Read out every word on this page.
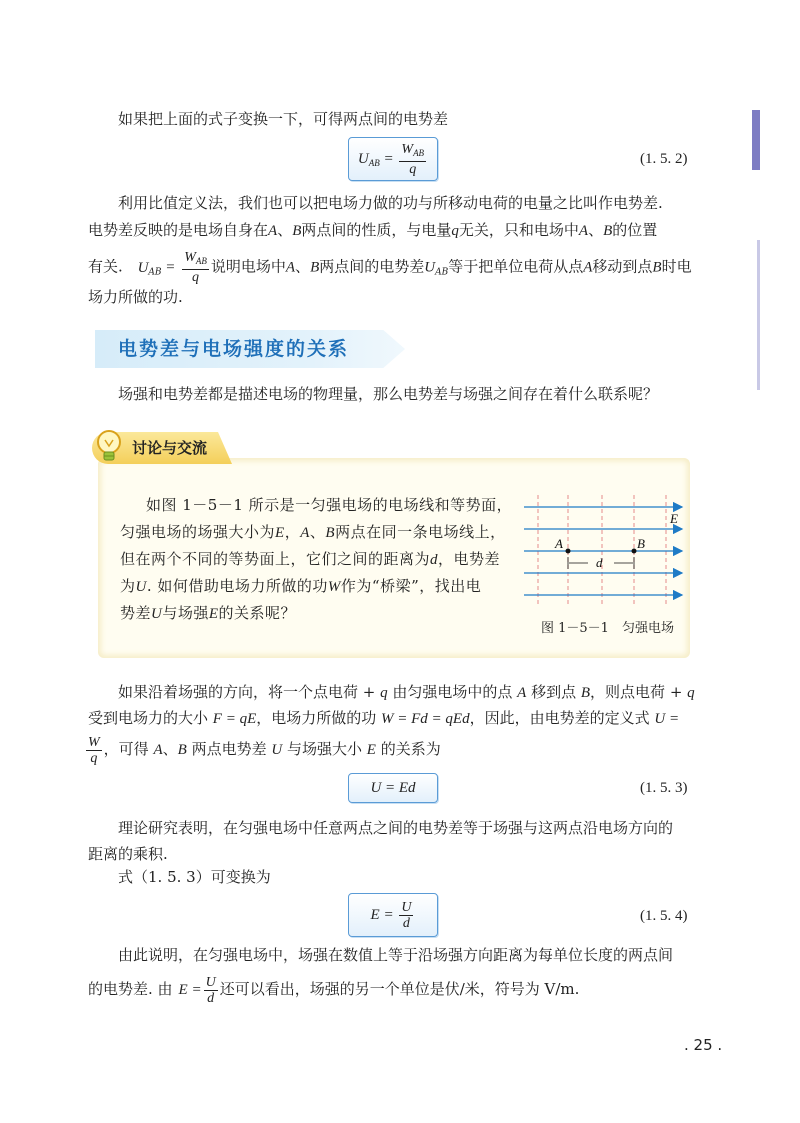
如果把上面的式子变换一下，可得两点间的电势差
$U_{AB} = \frac{W_{AB}}{q}$	(1. 5. 2)
利用比值定义法，我们也可以把电场力做的功与所移动电荷的电量之比叫作电势差.
电势差反映的是电场自身在A、B两点间的性质，与电量q无关，只和电场中A、B的位置
有关. $U_{AB} = \frac{W_{AB}}{q}$ 说明电场中A、B两点间的电势差$U_{AB}$等于把单位电荷从点A移动到点B时电
场力所做的功.
电势差与电场强度的关系
场强和电势差都是描述电场的物理量，那么电势差与场强之间存在着什么联系呢？
讨论与交流
如图 1－5－1 所示是一匀强电场的电场线和等势面，
匀强电场的场强大小为E，A、B两点在同一条电场线上，
但在两个不同的等势面上，它们之间的距离为d，电势差
为U. 如何借助电场力所做的功W作为“桥梁”，找出电
势差U与场强E的关系呢？
E
A	B
d
图 1－5－1　匀强电场
如果沿着场强的方向，将一个点电荷 + q 由匀强电场中的点 A 移到点 B，则点电荷 + q
受到电场力的大小 F = qE，电场力所做的功 W = Fd = qEd，因此，由电势差的定义式 U =
$\frac{W}{q}$ ，可得 A、B 两点电势差 U 与场强大小 E 的关系为
U = Ed	(1. 5. 3)
理论研究表明，在匀强电场中任意两点之间的电势差等于场强与这两点沿电场方向的
距离的乘积.
式（1. 5. 3）可变换为
$E = \frac{U}{d}$	(1. 5. 4)
由此说明，在匀强电场中，场强在数值上等于沿场强方向距离为每单位长度的两点间
的电势差. 由 $E = \frac{U}{d}$ 还可以看出，场强的另一个单位是伏/米，符号为 V/m.
. 25 .
